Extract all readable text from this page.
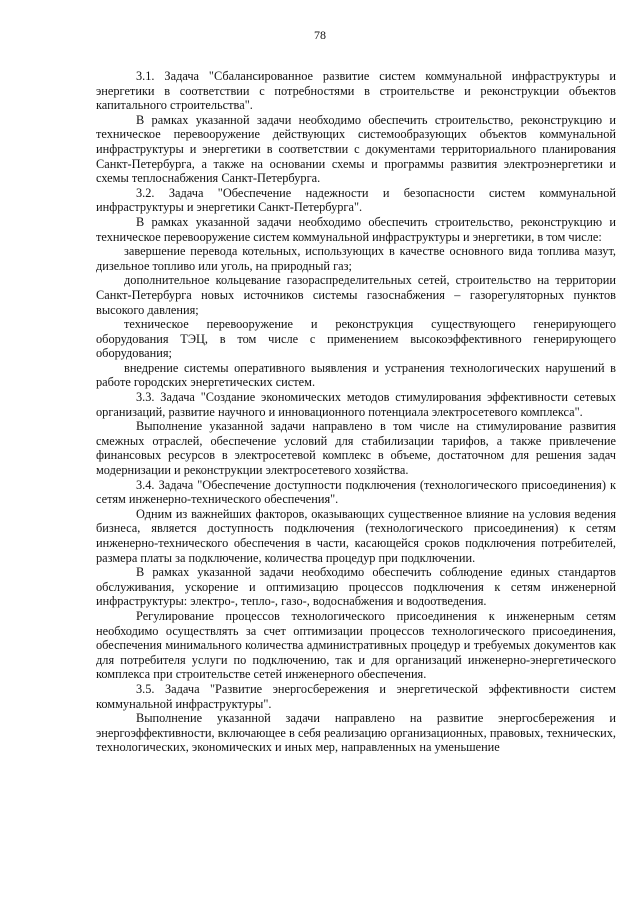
78

3.1. Задача "Сбалансированное развитие систем коммунальной инфраструктуры и энергетики в соответствии с потребностями в строительстве и реконструкции объектов капитального строительства".

В рамках указанной задачи необходимо обеспечить строительство, реконструкцию и техническое перевооружение действующих системообразующих объектов коммунальной инфраструктуры и энергетики в соответствии с документами территориального планирования Санкт-Петербурга, а также на основании схемы и программы развития электроэнергетики и схемы теплоснабжения Санкт-Петербурга.

3.2. Задача "Обеспечение надежности и безопасности систем коммунальной инфраструктуры и энергетики Санкт-Петербурга".

В рамках указанной задачи необходимо обеспечить строительство, реконструкцию и техническое перевооружение систем коммунальной инфраструктуры и энергетики, в том числе:

завершение перевода котельных, использующих в качестве основного вида топлива мазут, дизельное топливо или уголь, на природный газ;

дополнительное кольцевание газораспределительных сетей, строительство на территории Санкт-Петербурга новых источников системы газоснабжения – газорегуляторных пунктов высокого давления;

техническое перевооружение и реконструкция существующего генерирующего оборудования ТЭЦ, в том числе с применением высокоэффективного генерирующего оборудования;

внедрение системы оперативного выявления и устранения технологических нарушений в работе городских энергетических систем.

3.3. Задача "Создание экономических методов стимулирования эффективности сетевых организаций, развитие научного и инновационного потенциала электросетевого комплекса".

Выполнение указанной задачи направлено в том числе на стимулирование развития смежных отраслей, обеспечение условий для стабилизации тарифов, а также привлечение финансовых ресурсов в электросетевой комплекс в объеме, достаточном для решения задач модернизации и реконструкции электросетевого хозяйства.

3.4. Задача "Обеспечение доступности подключения (технологического присоединения) к сетям инженерно-технического обеспечения".

Одним из важнейших факторов, оказывающих существенное влияние на условия ведения бизнеса, является доступность подключения (технологического присоединения) к сетям инженерно-технического обеспечения в части, касающейся сроков подключения потребителей, размера платы за подключение, количества процедур при подключении.

В рамках указанной задачи необходимо обеспечить соблюдение единых стандартов обслуживания, ускорение и оптимизацию процессов подключения к сетям инженерной инфраструктуры: электро-, тепло-, газо-, водоснабжения и водоотведения.

Регулирование процессов технологического присоединения к инженерным сетям необходимо осуществлять за счет оптимизации процессов технологического присоединения, обеспечения минимального количества административных процедур и требуемых документов как для потребителя услуги по подключению, так и для организаций инженерно-энергетического комплекса при строительстве сетей инженерного обеспечения.

3.5. Задача "Развитие энергосбережения и энергетической эффективности систем коммунальной инфраструктуры".

Выполнение указанной задачи направлено на развитие энергосбережения и энергоэффективности, включающее в себя реализацию организационных, правовых, технических, технологических, экономических и иных мер, направленных на уменьшение
